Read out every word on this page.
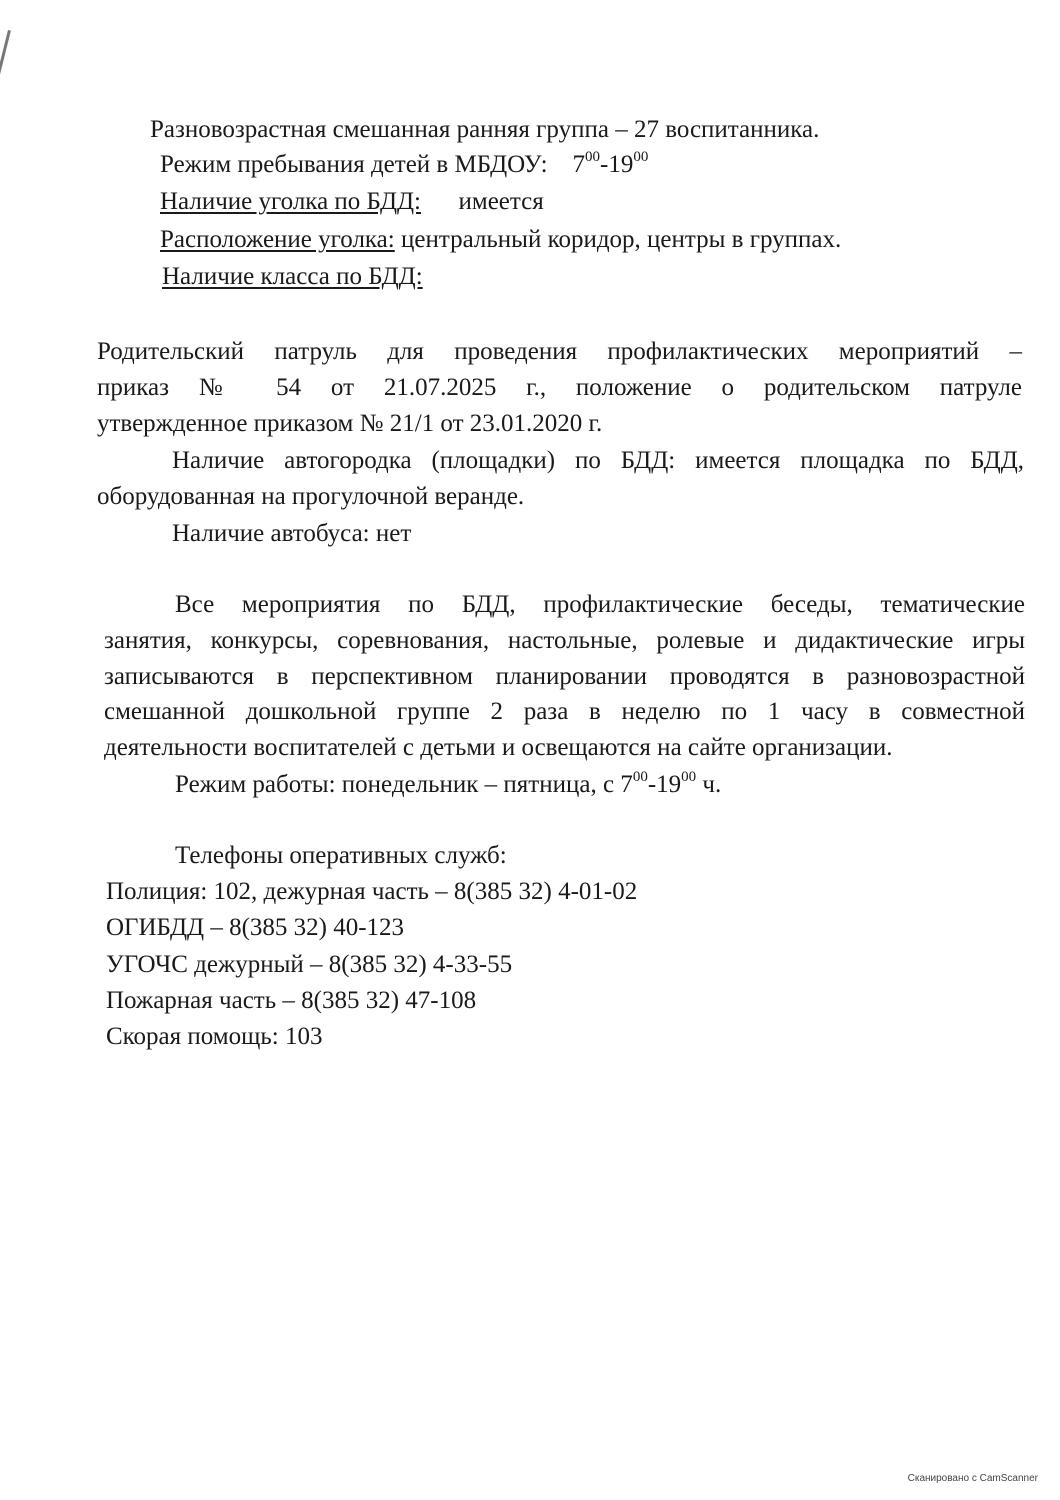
Разновозрастная смешанная ранняя группа – 27 воспитанника.
Режим пребывания детей в МБДОУ: $7^{00}-19^{00}$
Наличие уголка по БДД: имеется
Расположение уголка: центральный коридор, центры в группах.
Наличие класса по БДД:
Родительский патруль для проведения профилактических мероприятий –
приказ № 54 от 21.07.2025 г., положение о родительском патруле
утвержденное приказом № 21/1 от 23.01.2020 г.
Наличие автогородка (площадки) по БДД: имеется площадка по БДД,
оборудованная на прогулочной веранде.
Наличие автобуса: нет
Все мероприятия по БДД, профилактические беседы, тематические
занятия, конкурсы, соревнования, настольные, ролевые и дидактические игры
записываются в перспективном планировании проводятся в разновозрастной
смешанной дошкольной группе 2 раза в неделю по 1 часу в совместной
деятельности воспитателей с детьми и освещаются на сайте организации.
Режим работы: понедельник – пятница, с $7^{00}-19^{00}$ ч.
Телефоны оперативных служб:
Полиция: 102, дежурная часть – 8(385 32) 4-01-02
ОГИБДД – 8(385 32) 40-123
УГОЧС дежурный – 8(385 32) 4-33-55
Пожарная часть – 8(385 32) 47-108
Скорая помощь: 103
Сканировано с CamScanner
